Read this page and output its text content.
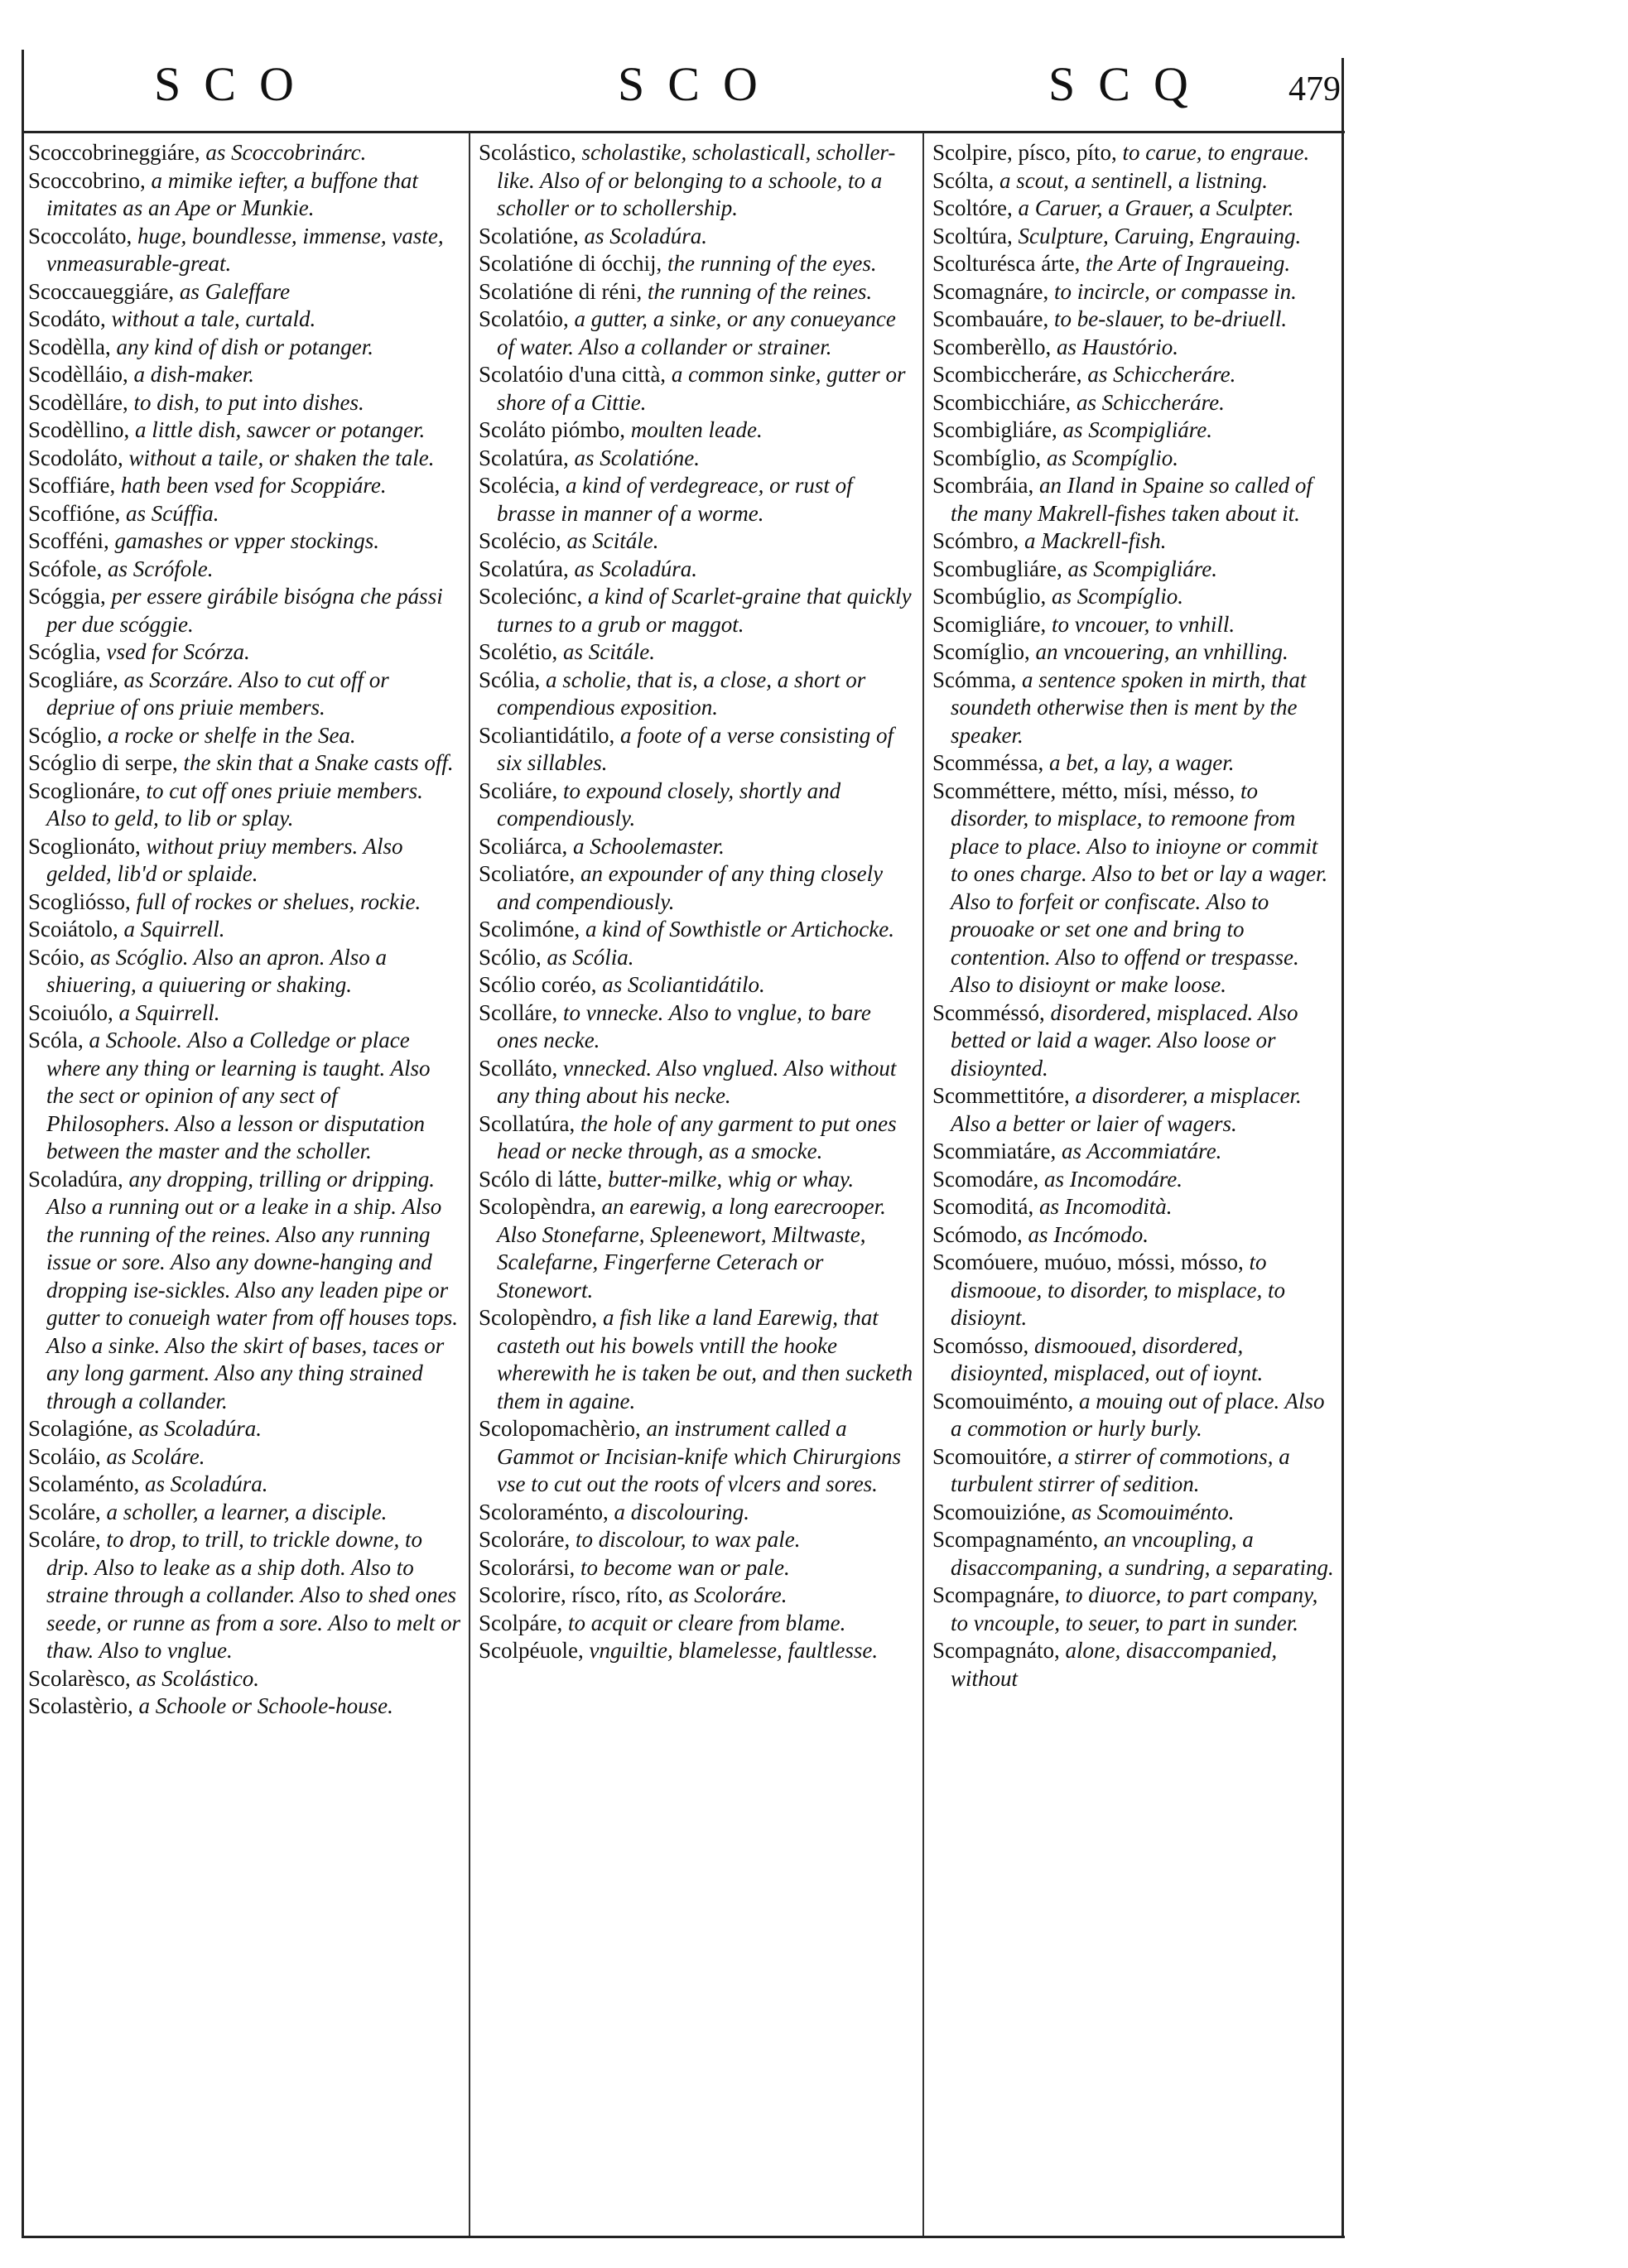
SCO	SCO	SCQ 479

Scoccobrineggiáre, as Scoccobrinárc.

Scoccobrino, a mimike iefter, a buffone that imitates as an Ape or Munkie.

Scoccoláto, huge, boundlesse, immense, vaste, vnmeasurable-great.

Scoccaueggiáre, as Galeffare

Scodáto, without a tale, curtald.

Scodèlla, any kind of dish or potanger.

Scodèlláio, a dish-maker.

Scodèlláre, to dish, to put into dishes.

Scodèllino, a little dish, sawcer or potanger.

Scodoláto, without a taile, or shaken the tale.

Scoffiáre, hath been vsed for Scoppiáre.

Scoffióne, as Scúffia.

Scofféni, gamashes or vpper stockings.

Scófole, as Scrófole.

Scóggia, per essere girábile bisógna che pássi per due scóggie.

Scóglia, vsed for Scórza.

Scogliáre, as Scorzáre. Also to cut off or depriue of ons priuie members.

Scóglio, a rocke or shelfe in the Sea.

Scóglio di serpe, the skin that a Snake casts off.

Scoglionáre, to cut off ones priuie members. Also to geld, to lib or splay.

Scoglionáto, without priuy members. Also gelded, lib'd or splaide.

Scogliósso, full of rockes or shelues, rockie.

Scoiátolo, a Squirrell.

Scóio, as Scóglio. Also an apron. Also a shiuering, a quiuering or shaking.

Scoiuólo, a Squirrell.

Scóla, a Schoole. Also a Colledge or place where any thing or learning is taught. Also the sect or opinion of any sect of Philosophers. Also a lesson or disputation between the master and the scholler.

Scoladúra, any dropping, trilling or dripping. Also a running out or a leake in a ship. Also the running of the reines. Also any running issue or sore. Also any downe-hanging and dropping ise-sickles. Also any leaden pipe or gutter to conueigh water from off houses tops. Also a sinke. Also the skirt of bases, taces or any long garment. Also any thing strained through a collander.

Scolagióne, as Scoladúra.

Scoláio, as Scoláre.

Scolaménto, as Scoladúra.

Scoláre, a scholler, a learner, a disciple.

Scoláre, to drop, to trill, to trickle downe, to drip. Also to leake as a ship doth. Also to straine through a collander. Also to shed ones seede, or runne as from a sore. Also to melt or thaw. Also to vnglue.

Scolarèsco, as Scolástico.

Scolastèrio, a Schoole or Schoole-house.

Scolástico, scholastike, scholasticall, scholler-like. Also of or belonging to a schoole, to a scholler or to schollership.

Scolatióne, as Scoladúra.

Scolatióne di ócchij, the running of the eyes.

Scolatióne di réni, the running of the reines.

Scolatóio, a gutter, a sinke, or any conueyance of water. Also a collander or strainer.

Scolatóio d'una città, a common sinke, gutter or shore of a Cittie.

Scoláto piómbo, moulten leade.

Scolatúra, as Scolatióne.

Scolécia, a kind of verdegreace, or rust of brasse in manner of a worme.

Scolécio, as Scitále.

Scolatúra, as Scoladúra.

Scoleciónc, a kind of Scarlet-graine that quickly turnes to a grub or maggot.

Scolétio, as Scitále.

Scólia, a scholie, that is, a close, a short or compendious exposition.

Scoliantidátilo, a foote of a verse consisting of six sillables.

Scoliáre, to expound closely, shortly and compendiously.

Scoliárca, a Schoolemaster.

Scoliatóre, an expounder of any thing closely and compendiously.

Scolimóne, a kind of Sowthistle or Artichocke.

Scólio, as Scólia.

Scólio coréo, as Scoliantidátilo.

Scolláre, to vnnecke. Also to vnglue, to bare ones necke.

Scolláto, vnnecked. Also vnglued. Also without any thing about his necke.

Scollatúra, the hole of any garment to put ones head or necke through, as a smocke.

Scólo di látte, butter-milke, whig or whay.

Scolopèndra, an earewig, a long earecrooper. Also Stonefarne, Spleenewort, Miltwaste, Scalefarne, Fingerferne Ceterach or Stonewort.

Scolopèndro, a fish like a land Earewig, that casteth out his bowels vntill the hooke wherewith he is taken be out, and then sucketh them in againe.

Scolopomachèrio, an instrument called a Gammot or Incisian-knife which Chirurgions vse to cut out the roots of vlcers and sores.

Scoloraménto, a discolouring.

Scoloráre, to discolour, to wax pale.

Scolorársi, to become wan or pale.

Scolorire, rísco, ríto, as Scoloráre.

Scolpáre, to acquit or cleare from blame.

Scolpéuole, vnguiltie, blamelesse, faultlesse.

Scolpire, písco, píto, to carue, to engraue.

Scólta, a scout, a sentinell, a listning.

Scoltóre, a Caruer, a Grauer, a Sculpter.

Scoltúra, Sculpture, Caruing, Engrauing.

Scolturésca árte, the Arte of Ingraueing.

Scomagnáre, to incircle, or compasse in.

Scombauáre, to be-slauer, to be-driuell.

Scomberèllo, as Haustório.

Scombiccheráre, as Schiccheráre.

Scombicchiáre, as Schiccheráre.

Scombigliáre, as Scompigliáre.

Scombíglio, as Scompíglio.

Scombráia, an Iland in Spaine so called of the many Makrell-fishes taken about it.

Scómbro, a Mackrell-fish.

Scombugliáre, as Scompigliáre.

Scombúglio, as Scompíglio.

Scomigliáre, to vncouer, to vnhill.

Scomíglio, an vncouering, an vnhilling.

Scómma, a sentence spoken in mirth, that soundeth otherwise then is ment by the speaker.

Scomméssa, a bet, a lay, a wager.

Scomméttere, métto, mísi, mésso, to disorder, to misplace, to remoone from place to place. Also to inioyne or commit to ones charge. Also to bet or lay a wager. Also to forfeit or confiscate. Also to prouoake or set one and bring to contention. Also to offend or trespasse. Also to disioynt or make loose.

Scomméssó, disordered, misplaced. Also betted or laid a wager. Also loose or disioynted.

Scommettitóre, a disorderer, a misplacer. Also a better or laier of wagers.

Scommiatáre, as Accommiatáre.

Scomodáre, as Incomodáre.

Scomoditá, as Incomodità.

Scómodo, as Incómodo.

Scomóuere, muóuo, móssi, mósso, to dismooue, to disorder, to misplace, to disioynt.

Scomósso, dismooued, disordered, disioynted, misplaced, out of ioynt.

Scomouiménto, a mouing out of place. Also a commotion or hurly burly.

Scomouitóre, a stirrer of commotions, a turbulent stirrer of sedition.

Scomouizióne, as Scomouiménto.

Scompagnaménto, an vncoupling, a disaccompaning, a sundring, a separating.

Scompagnáre, to diuorce, to part company, to vncouple, to seuer, to part in sunder.

Scompagnáto, alone, disaccompanied, without
